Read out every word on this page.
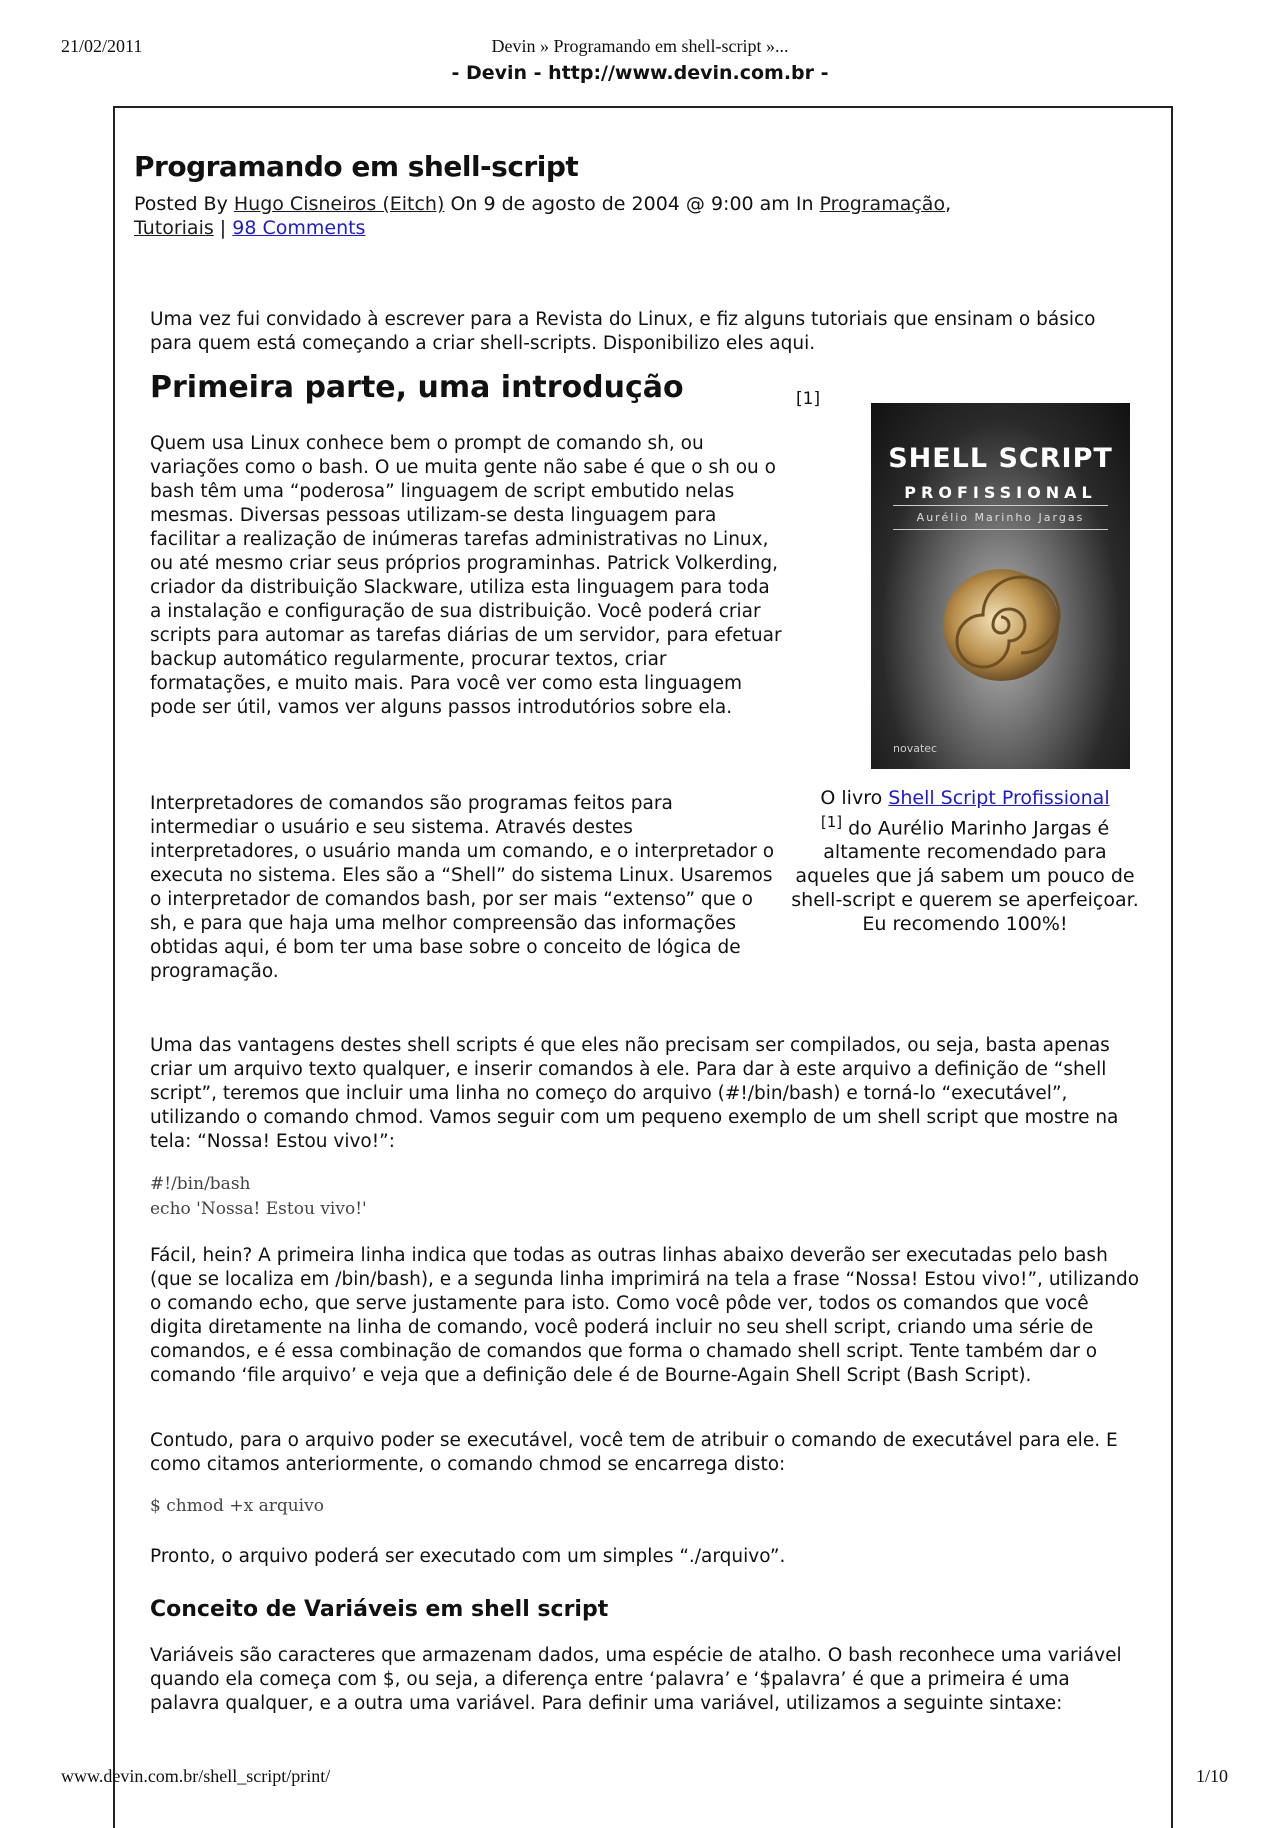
21/02/2011	Devin » Programando em shell-script »...
- Devin - http://www.devin.com.br -
Programando em shell-script
Posted By Hugo Cisneiros (Eitch) On 9 de agosto de 2004 @ 9:00 am In Programação,
Tutoriais | 98 Comments

Uma vez fui convidado à escrever para a Revista do Linux, e fiz alguns tutoriais que ensinam o básico para quem está começando a criar shell-scripts. Disponibilizo eles aqui.

Primeira parte, uma introdução

Quem usa Linux conhece bem o prompt de comando sh, ou variações como o bash. O ue muita gente não sabe é que o sh ou o bash têm uma “poderosa” linguagem de script embutido nelas mesmas. Diversas pessoas utilizam-se desta linguagem para facilitar a realização de inúmeras tarefas administrativas no Linux, ou até mesmo criar seus próprios programinhas. Patrick Volkerding, criador da distribuição Slackware, utiliza esta linguagem para toda a instalação e configuração de sua distribuição. Você poderá criar scripts para automar as tarefas diárias de um servidor, para efetuar backup automático regularmente, procurar textos, criar formatações, e muito mais. Para você ver como esta linguagem pode ser útil, vamos ver alguns passos introdutórios sobre ela.

Interpretadores de comandos são programas feitos para intermediar o usuário e seu sistema. Através destes interpretadores, o usuário manda um comando, e o interpretador o executa no sistema. Eles são a “Shell” do sistema Linux. Usaremos o interpretador de comandos bash, por ser mais “extenso” que o sh, e para que haja uma melhor compreensão das informações obtidas aqui, é bom ter uma base sobre o conceito de lógica de programação.

[1]
SHELL SCRIPT
PROFISSIONAL
Aurélio Marinho Jargas
novatec
O livro Shell Script Profissional
[1] do Aurélio Marinho Jargas é altamente recomendado para aqueles que já sabem um pouco de shell-script e querem se aperfeiçoar. Eu recomendo 100%!

Uma das vantagens destes shell scripts é que eles não precisam ser compilados, ou seja, basta apenas criar um arquivo texto qualquer, e inserir comandos à ele. Para dar à este arquivo a definição de “shell script”, teremos que incluir uma linha no começo do arquivo (#!/bin/bash) e torná-lo “executável”, utilizando o comando chmod. Vamos seguir com um pequeno exemplo de um shell script que mostre na tela: “Nossa! Estou vivo!”:

#!/bin/bash
echo 'Nossa! Estou vivo!'

Fácil, hein? A primeira linha indica que todas as outras linhas abaixo deverão ser executadas pelo bash (que se localiza em /bin/bash), e a segunda linha imprimirá na tela a frase “Nossa! Estou vivo!”, utilizando o comando echo, que serve justamente para isto. Como você pôde ver, todos os comandos que você digita diretamente na linha de comando, você poderá incluir no seu shell script, criando uma série de comandos, e é essa combinação de comandos que forma o chamado shell script. Tente também dar o comando ‘file arquivo’ e veja que a definição dele é de Bourne-Again Shell Script (Bash Script).

Contudo, para o arquivo poder se executável, você tem de atribuir o comando de executável para ele. E como citamos anteriormente, o comando chmod se encarrega disto:

$ chmod +x arquivo

Pronto, o arquivo poderá ser executado com um simples “./arquivo”.

Conceito de Variáveis em shell script

Variáveis são caracteres que armazenam dados, uma espécie de atalho. O bash reconhece uma variável quando ela começa com $, ou seja, a diferença entre ‘palavra’ e ‘$palavra’ é que a primeira é uma palavra qualquer, e a outra uma variável. Para definir uma variável, utilizamos a seguinte sintaxe:

www.devin.com.br/shell_script/print/	1/10
